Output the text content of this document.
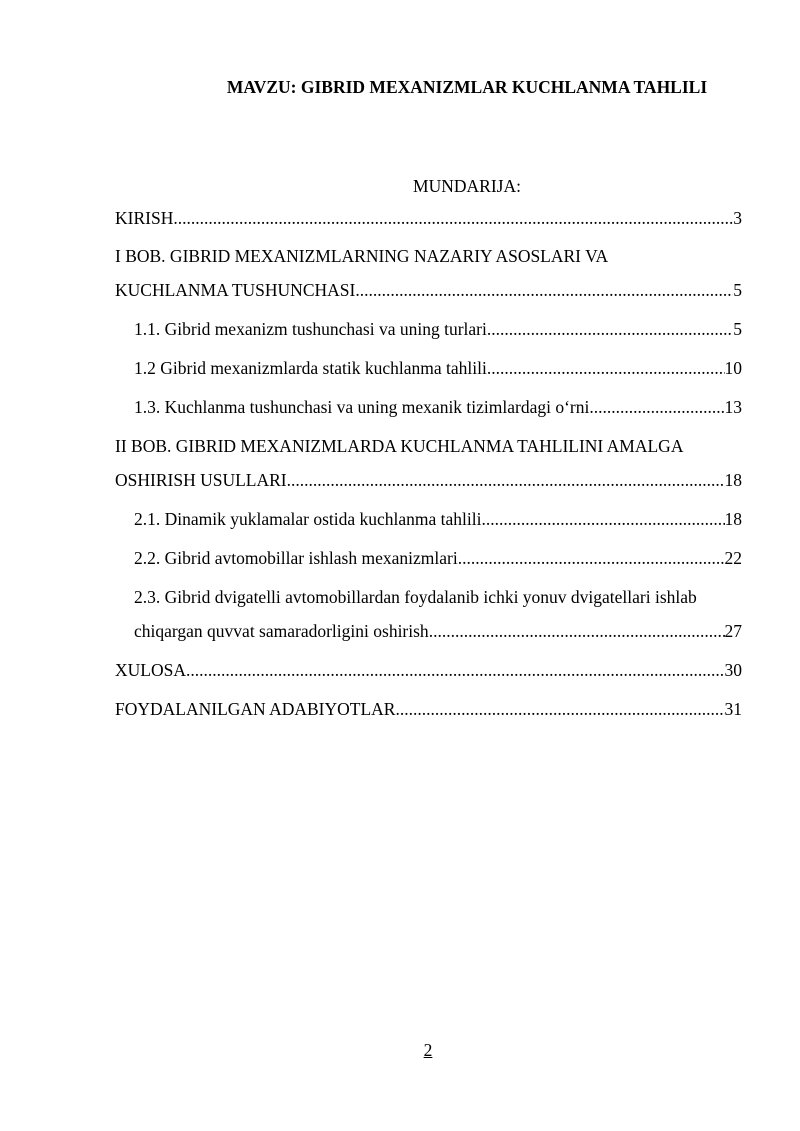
MAVZU: GIBRID MEXANIZMLAR KUCHLANMA TAHLILI
MUNDARIJA:
KIRISH .....	3
I BOB. GIBRID MEXANIZMLARNING NAZARIY ASOSLARI VA
KUCHLANMA TUSHUNCHASI .....	5
1.1. Gibrid mexanizm tushunchasi va uning turlari .....	5
1.2 Gibrid mexanizmlarda statik kuchlanma tahlili .....	10
1.3. Kuchlanma tushunchasi va uning mexanik tizimlardagi o‘rni .....	13
II BOB. GIBRID MEXANIZMLARDA KUCHLANMA TAHLILINI AMALGA
OSHIRISH USULLARI .....	18
2.1. Dinamik yuklamalar ostida kuchlanma tahlili .....	18
2.2. Gibrid avtomobillar ishlash mexanizmlari .....	22
2.3. Gibrid dvigatelli avtomobillardan foydalanib ichki yonuv dvigatellari ishlab
chiqargan quvvat samaradorligini oshirish .....	27
XULOSA .....	30
FOYDALANILGAN ADABIYOTLAR .....	31
2
